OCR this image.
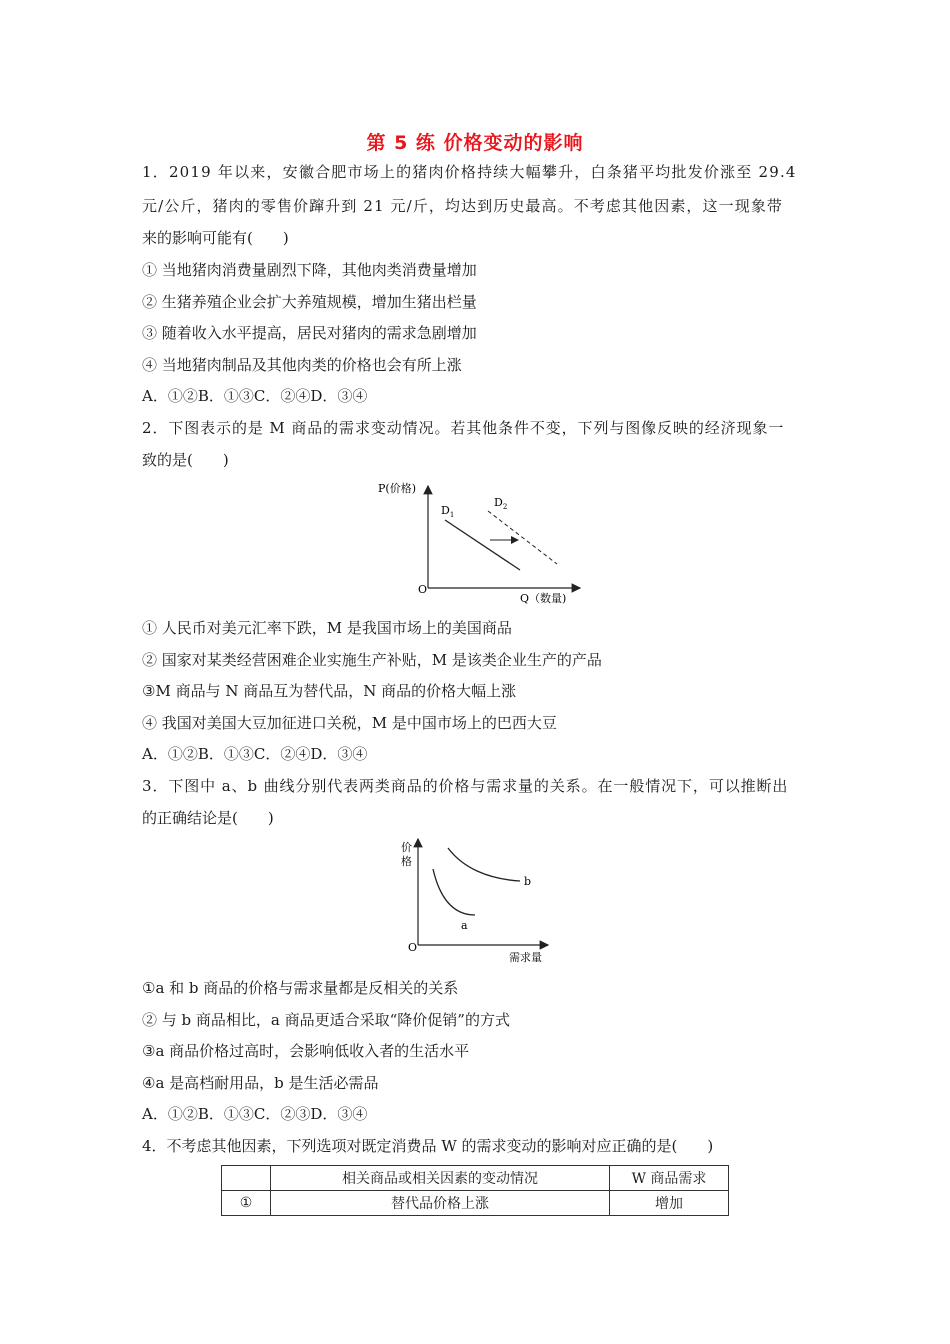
第 5 练 价格变动的影响
1．2019 年以来，安徽合肥市场上的猪肉价格持续大幅攀升，白条猪平均批发价涨至 29.4
元/公斤，猪肉的零售价蹿升到 21 元/斤，均达到历史最高。不考虑其他因素，这一现象带
来的影响可能有(　　)
① 当地猪肉消费量剧烈下降，其他肉类消费量增加
② 生猪养殖企业会扩大养殖规模，增加生猪出栏量
③ 随着收入水平提高，居民对猪肉的需求急剧增加
④ 当地猪肉制品及其他肉类的价格也会有所上涨
A．①②B．①③C．②④D．③④
2．下图表示的是 M 商品的需求变动情况。若其他条件不变，下列与图像反映的经济现象一
致的是(　　)
P(价格)
Q（数量)
O
$D_1$
$D_2$
① 人民币对美元汇率下跌，M 是我国市场上的美国商品
② 国家对某类经营困难企业实施生产补贴，M 是该类企业生产的产品
③M 商品与 N 商品互为替代品，N 商品的价格大幅上涨
④ 我国对美国大豆加征进口关税，M 是中国市场上的巴西大豆
A．①②B．①③C．②④D．③④
3．下图中 a、b 曲线分别代表两类商品的价格与需求量的关系。在一般情况下，可以推断出
的正确结论是(　　)
价
格
需求量
O
a
b
①a 和 b 商品的价格与需求量都是反相关的关系
② 与 b 商品相比，a 商品更适合采取“降价促销”的方式
③a 商品价格过高时，会影响低收入者的生活水平
④a 是高档耐用品，b 是生活必需品
A．①②B．①③C．②③D．③④
4．不考虑其他因素，下列选项对既定消费品 W 的需求变动的影响对应正确的是(　　)
	相关商品或相关因素的变动情况	W 商品需求
①	替代品价格上涨	增加
